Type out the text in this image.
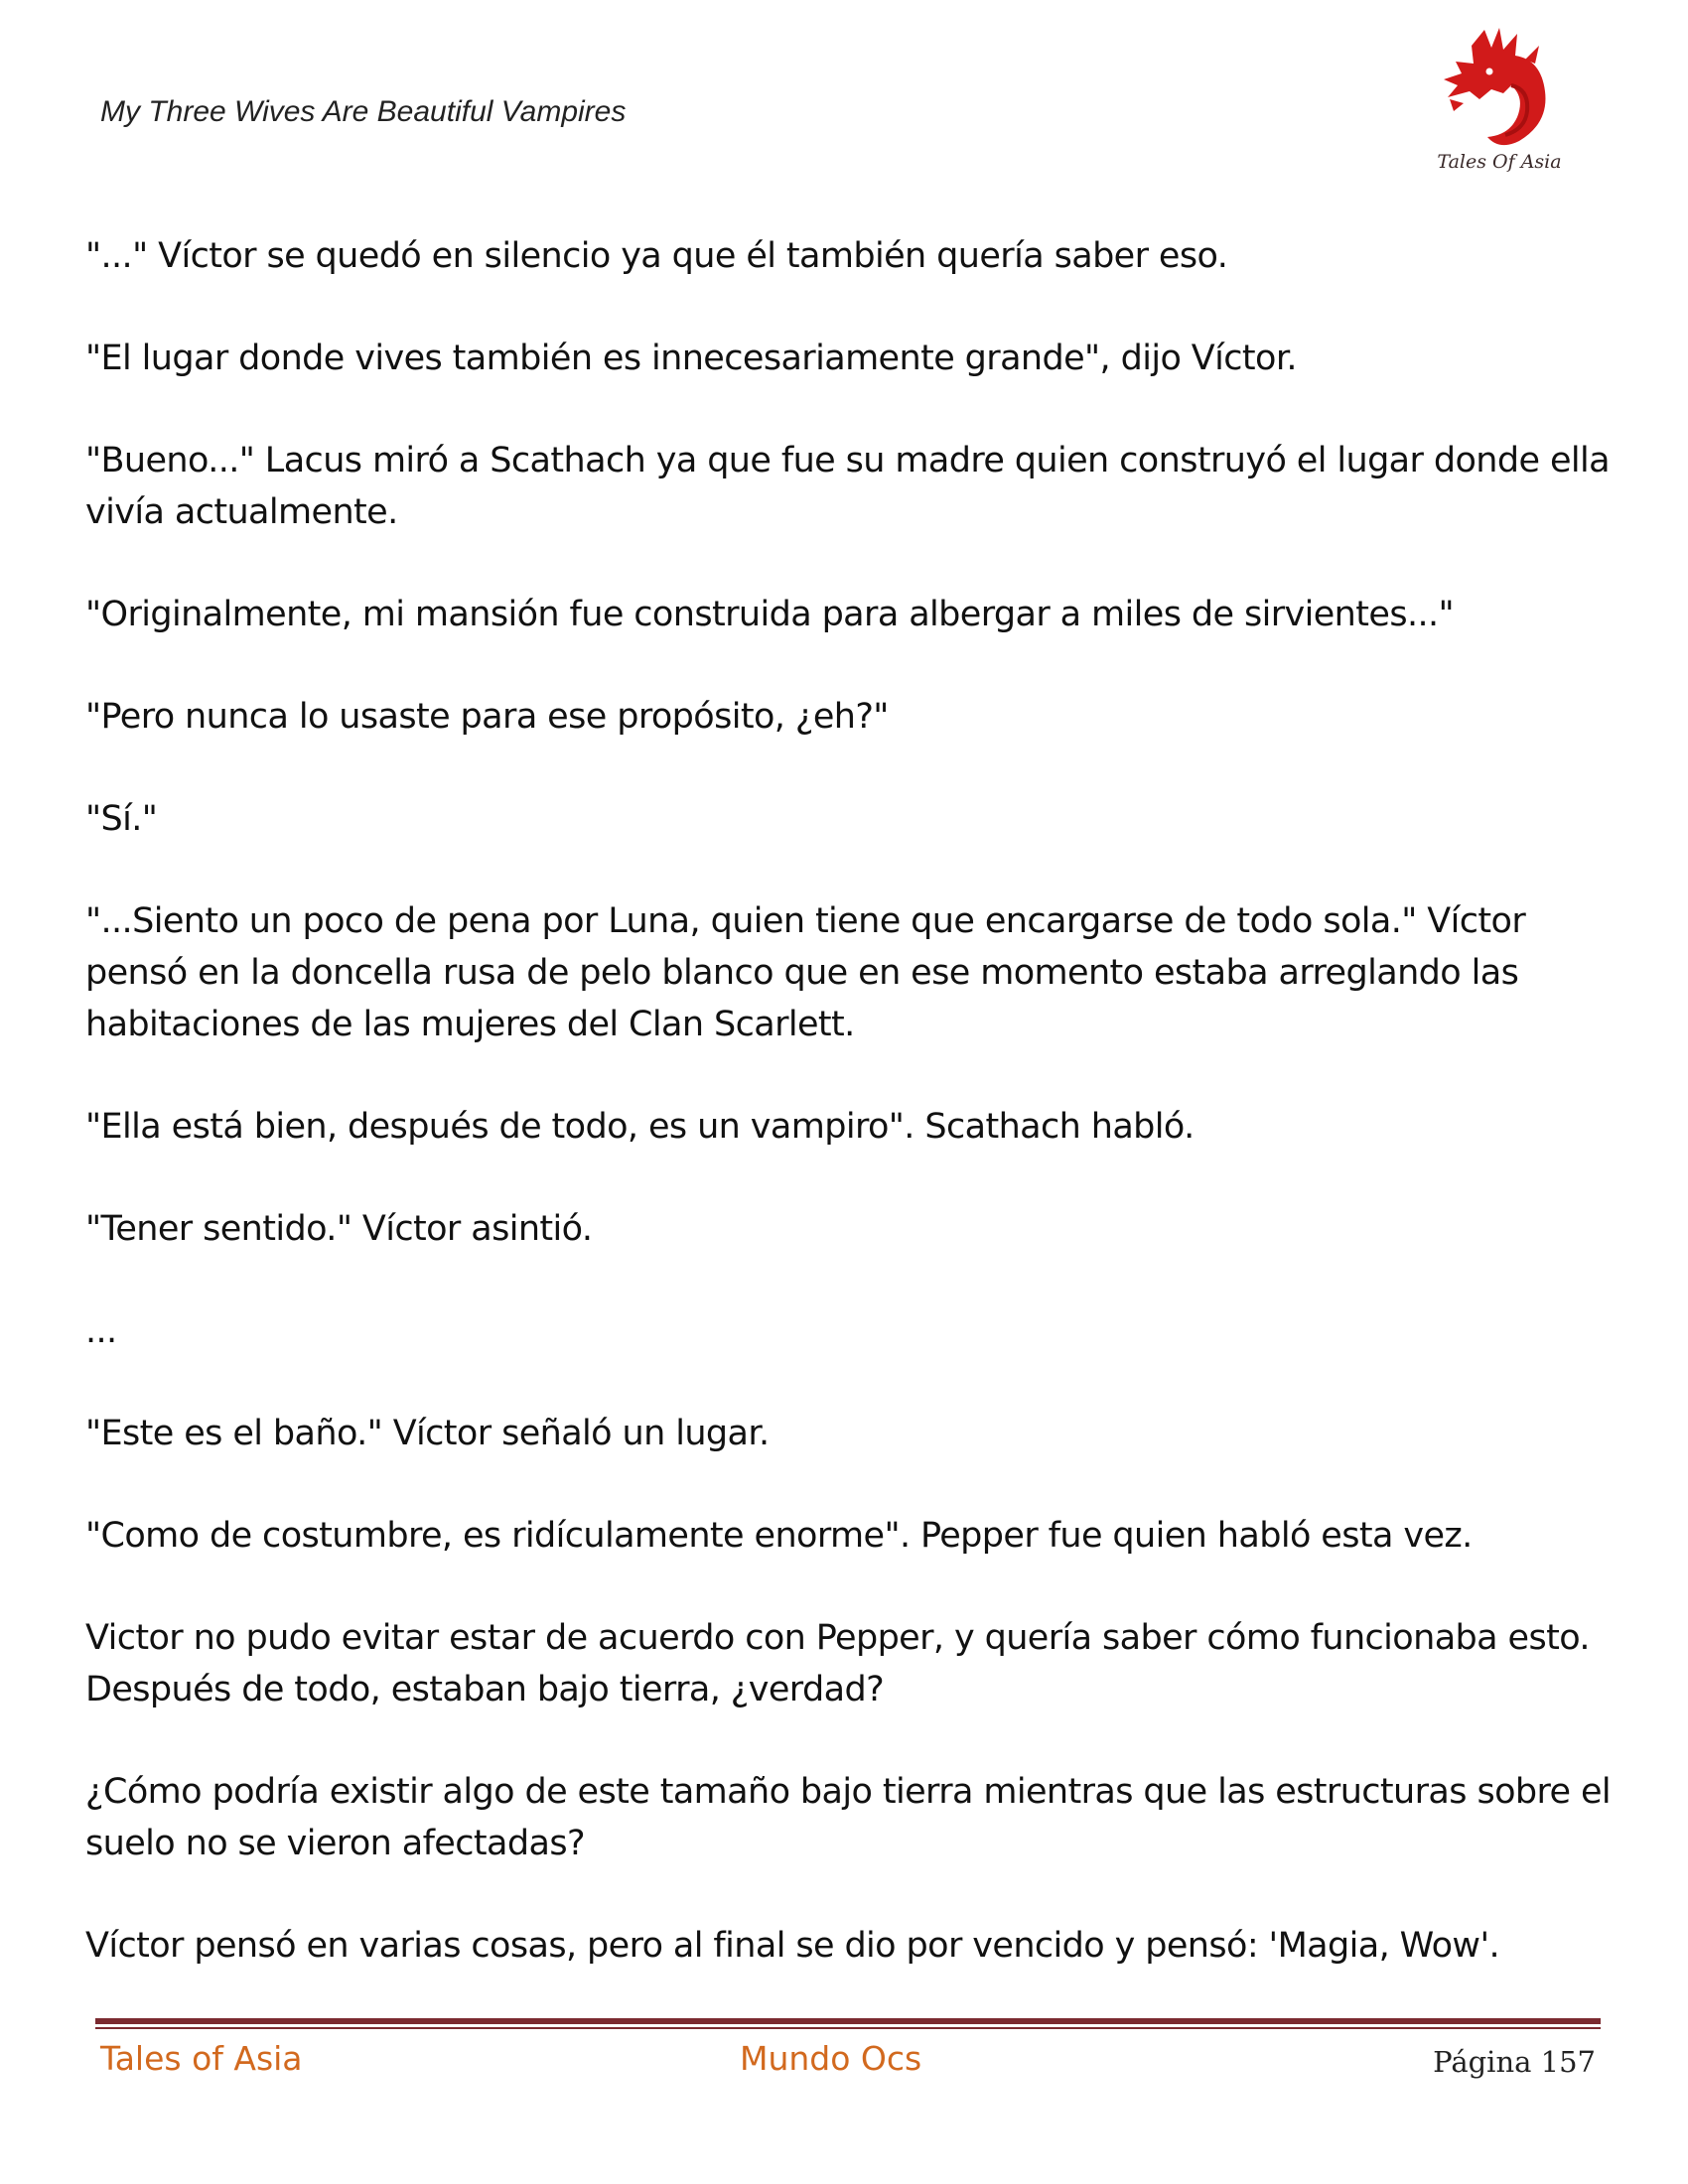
My Three Wives Are Beautiful Vampires
Tales Of Asia

"..." Víctor se quedó en silencio ya que él también quería saber eso.

"El lugar donde vives también es innecesariamente grande", dijo Víctor.

"Bueno..." Lacus miró a Scathach ya que fue su madre quien construyó el lugar donde ella vivía actualmente.

"Originalmente, mi mansión fue construida para albergar a miles de sirvientes..."

"Pero nunca lo usaste para ese propósito, ¿eh?"

"Sí."

"...Siento un poco de pena por Luna, quien tiene que encargarse de todo sola." Víctor pensó en la doncella rusa de pelo blanco que en ese momento estaba arreglando las habitaciones de las mujeres del Clan Scarlett.

"Ella está bien, después de todo, es un vampiro". Scathach habló.

"Tener sentido." Víctor asintió.

...

"Este es el baño." Víctor señaló un lugar.

"Como de costumbre, es ridículamente enorme". Pepper fue quien habló esta vez.

Victor no pudo evitar estar de acuerdo con Pepper, y quería saber cómo funcionaba esto. Después de todo, estaban bajo tierra, ¿verdad?

¿Cómo podría existir algo de este tamaño bajo tierra mientras que las estructuras sobre el suelo no se vieron afectadas?

Víctor pensó en varias cosas, pero al final se dio por vencido y pensó: 'Magia, Wow'.

Tales of Asia	Mundo Ocs	Página 157
